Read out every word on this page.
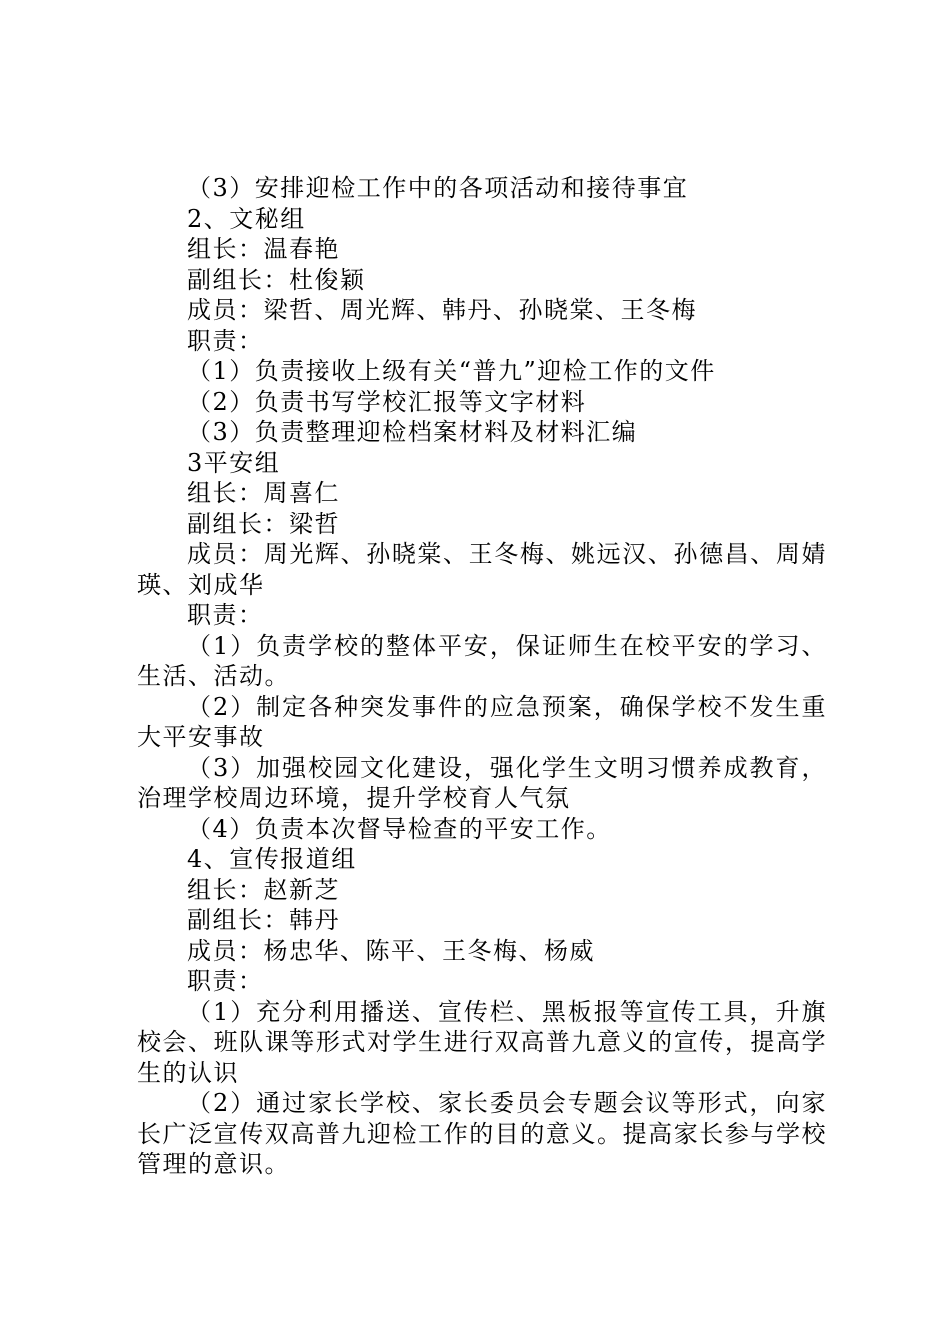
（3）安排迎检工作中的各项活动和接待事宜

2、文秘组

组长：温春艳

副组长：杜俊颖

成员：梁哲、周光辉、韩丹、孙晓棠、王冬梅

职责：

（1）负责接收上级有关“普九”迎检工作的文件

（2）负责书写学校汇报等文字材料

（3）负责整理迎检档案材料及材料汇编

3平安组

组长：周喜仁

副组长：梁哲

成员：周光辉、孙晓棠、王冬梅、姚远汉、孙德昌、周婧瑛、刘成华

职责：

（1）负责学校的整体平安，保证师生在校平安的学习、生活、活动。

（2）制定各种突发事件的应急预案，确保学校不发生重大平安事故

（3）加强校园文化建设，强化学生文明习惯养成教育，治理学校周边环境，提升学校育人气氛

（4）负责本次督导检查的平安工作。

4、宣传报道组

组长：赵新芝

副组长：韩丹

成员：杨忠华、陈平、王冬梅、杨威

职责：

（1）充分利用播送、宣传栏、黑板报等宣传工具，升旗校会、班队课等形式对学生进行双高普九意义的宣传，提高学生的认识

（2）通过家长学校、家长委员会专题会议等形式，向家长广泛宣传双高普九迎检工作的目的意义。提高家长参与学校管理的意识。
